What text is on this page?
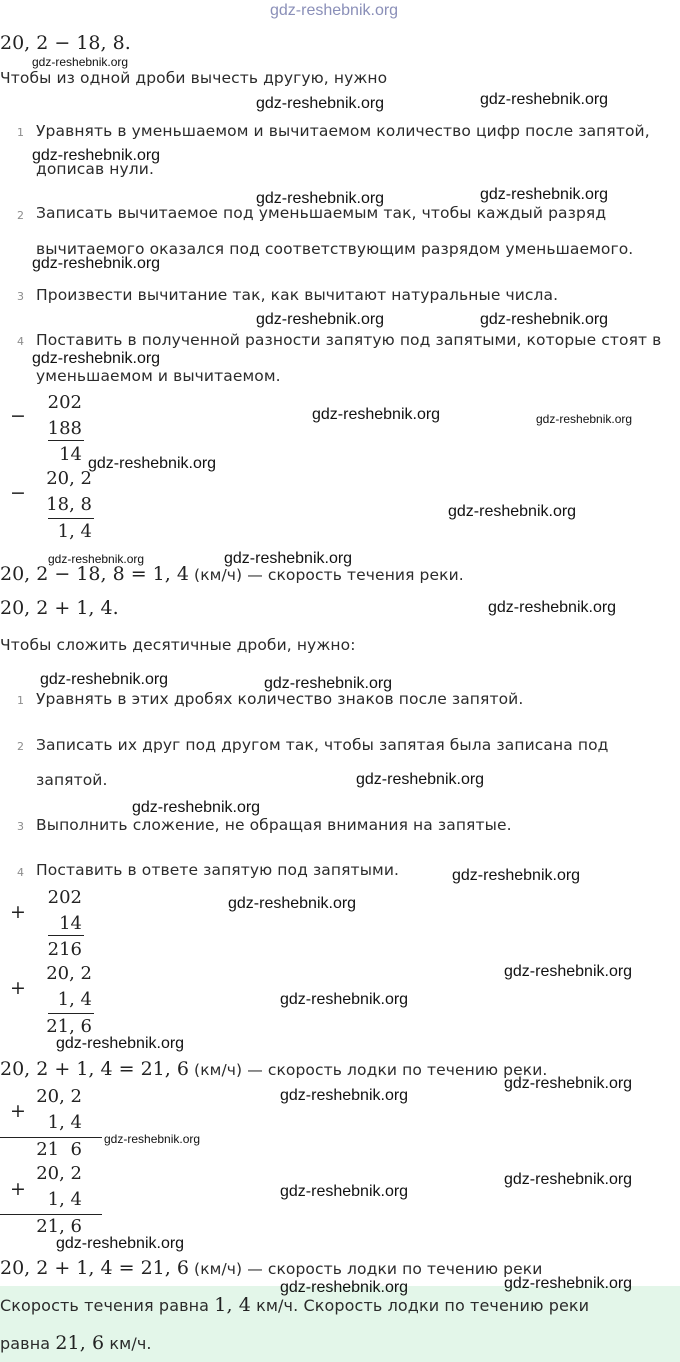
gdz-reshebnik.org
20, 2 − 18, 8.
Чтобы из одной дроби вычесть другую, нужно
1 Уравнять в уменьшаемом и вычитаемом количество цифр после запятой,
дописав нули.
2 Записать вычитаемое под уменьшаемым так, чтобы каждый разряд
вычитаемого оказался под соответствующим разрядом уменьшаемого.
3 Произвести вычитание так, как вычитают натуральные числа.
4 Поставить в полученной разности запятую под запятыми, которые стоят в
уменьшаемом и вычитаемом.
−
202
188
14
−
20, 2
18, 8
1, 4
20, 2 − 18, 8 = 1, 4 (км/ч) — скорость течения реки.
20, 2 + 1, 4.
Чтобы сложить десятичные дроби, нужно:
1 Уравнять в этих дробях количество знаков после запятой.
2 Записать их друг под другом так, чтобы запятая была записана под
запятой.
3 Выполнить сложение, не обращая внимания на запятые.
4 Поставить в ответе запятую под запятыми.
+
202
14
216
+
20, 2
1, 4
21, 6
20, 2 + 1, 4 = 21, 6 (км/ч) — скорость лодки по течению реки.
+
20, 2
1, 4
21  6
+
20, 2
1, 4
21, 6
20, 2 + 1, 4 = 21, 6 (км/ч) — скорость лодки по течению реки
Скорость течения равна 1, 4 км/ч. Скорость лодки по течению реки
равна 21, 6 км/ч.
gdz-reshebnik.org
gdz-reshebnik.org	gdz-reshebnik.org
gdz-reshebnik.org
gdz-reshebnik.org	gdz-reshebnik.org
gdz-reshebnik.org
gdz-reshebnik.org	gdz-reshebnik.org
gdz-reshebnik.org
gdz-reshebnik.org	gdz-reshebnik.org
gdz-reshebnik.org
gdz-reshebnik.org
gdz-reshebnik.org	gdz-reshebnik.org
gdz-reshebnik.org
gdz-reshebnik.org	gdz-reshebnik.org
gdz-reshebnik.org
gdz-reshebnik.org
gdz-reshebnik.org
gdz-reshebnik.org
gdz-reshebnik.org
gdz-reshebnik.org
gdz-reshebnik.org
gdz-reshebnik.org
gdz-reshebnik.org
gdz-reshebnik.org
gdz-reshebnik.org
gdz-reshebnik.org
gdz-reshebnik.org
gdz-reshebnik.org
gdz-reshebnik.org
